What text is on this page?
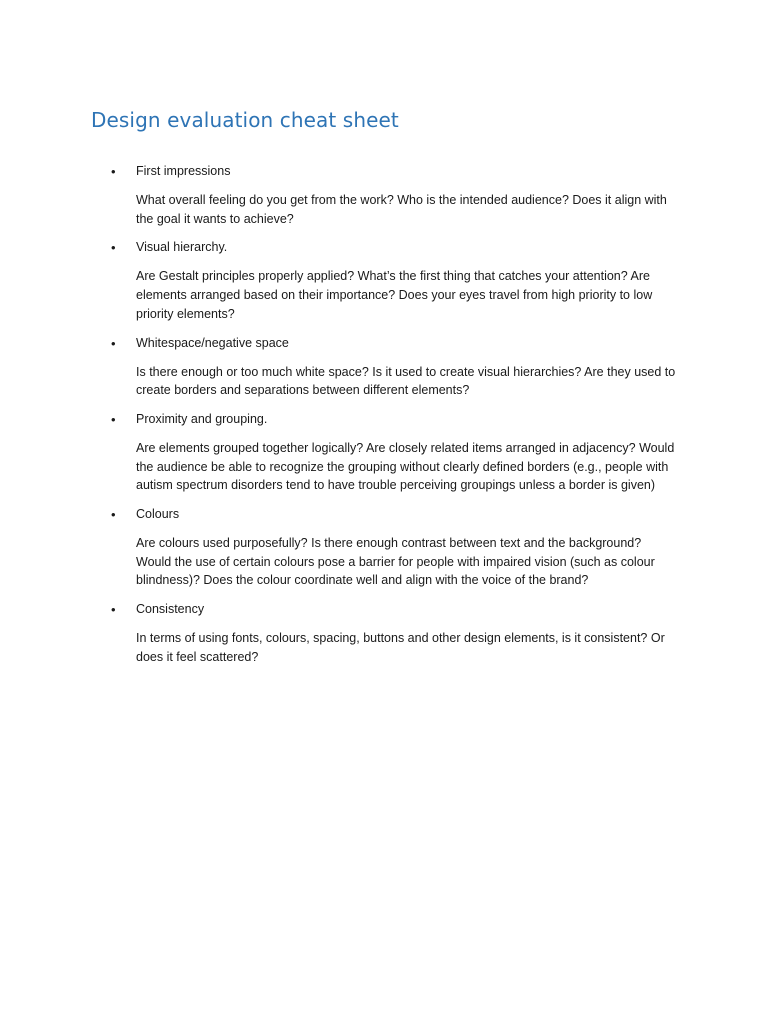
Design evaluation cheat sheet
• First impressions

What overall feeling do you get from the work? Who is the intended audience? Does it align with the goal it wants to achieve?

• Visual hierarchy.

Are Gestalt principles properly applied? What’s the first thing that catches your attention? Are elements arranged based on their importance? Does your eyes travel from high priority to low priority elements?

• Whitespace/negative space

Is there enough or too much white space? Is it used to create visual hierarchies? Are they used to create borders and separations between different elements?

• Proximity and grouping.

Are elements grouped together logically? Are closely related items arranged in adjacency? Would the audience be able to recognize the grouping without clearly defined borders (e.g., people with autism spectrum disorders tend to have trouble perceiving groupings unless a border is given)

• Colours

Are colours used purposefully? Is there enough contrast between text and the background? Would the use of certain colours pose a barrier for people with impaired vision (such as colour blindness)? Does the colour coordinate well and align with the voice of the brand?

• Consistency

In terms of using fonts, colours, spacing, buttons and other design elements, is it consistent? Or does it feel scattered?
